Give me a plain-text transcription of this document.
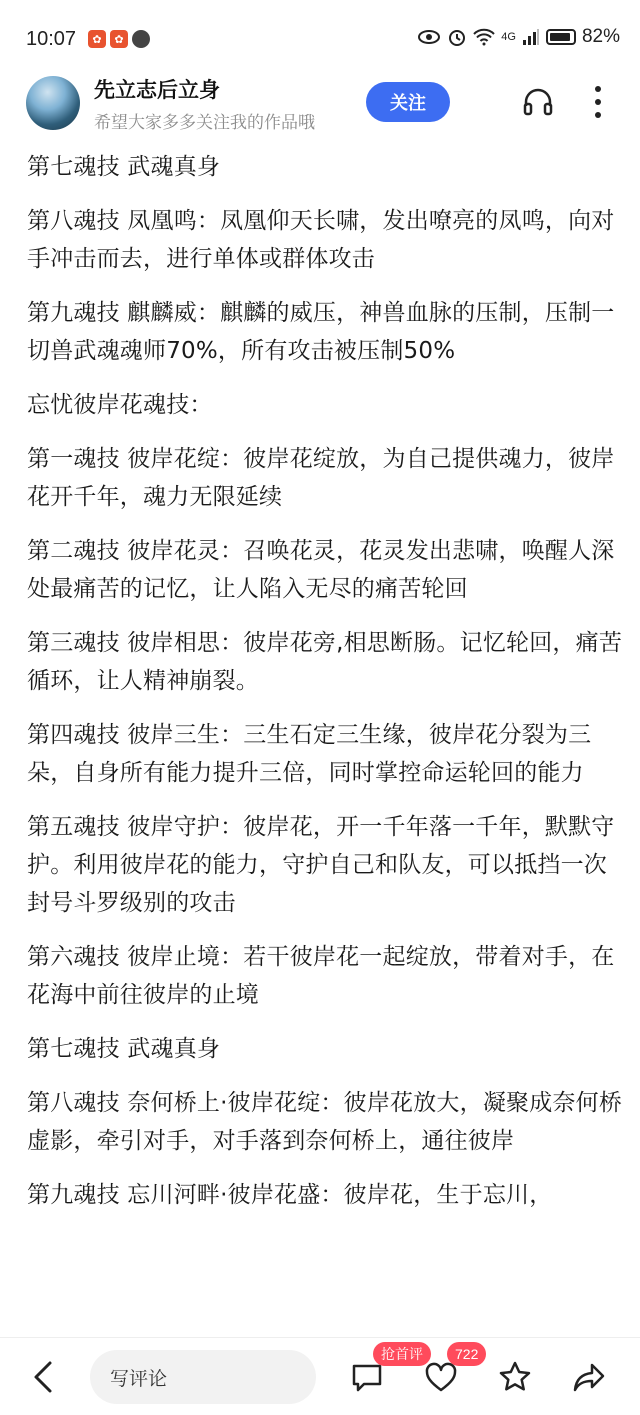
10:07	✿	✿	4G	82%
先立志后立身
希望大家多多关注我的作品哦
关注

第七魂技 武魂真身

第八魂技 凤凰鸣：凤凰仰天长啸，发出嘹亮的凤鸣，向对手冲击而去，进行单体或群体攻击

第九魂技 麒麟威：麒麟的威压，神兽血脉的压制，压制一切兽武魂魂师70%，所有攻击被压制50%

忘忧彼岸花魂技：

第一魂技 彼岸花绽：彼岸花绽放，为自己提供魂力，彼岸花开千年，魂力无限延续

第二魂技 彼岸花灵：召唤花灵，花灵发出悲啸，唤醒人深处最痛苦的记忆，让人陷入无尽的痛苦轮回

第三魂技 彼岸相思：彼岸花旁,相思断肠。记忆轮回，痛苦循环，让人精神崩裂。

第四魂技 彼岸三生：三生石定三生缘，彼岸花分裂为三朵，自身所有能力提升三倍，同时掌控命运轮回的能力

第五魂技 彼岸守护：彼岸花，开一千年落一千年，默默守护。利用彼岸花的能力，守护自己和队友，可以抵挡一次封号斗罗级别的攻击

第六魂技 彼岸止境：若干彼岸花一起绽放，带着对手，在花海中前往彼岸的止境

第七魂技 武魂真身

第八魂技 奈何桥上·彼岸花绽：彼岸花放大，凝聚成奈何桥虚影，牵引对手，对手落到奈何桥上，通往彼岸

第九魂技 忘川河畔·彼岸花盛：彼岸花，生于忘川，

写评论
抢首评	722
